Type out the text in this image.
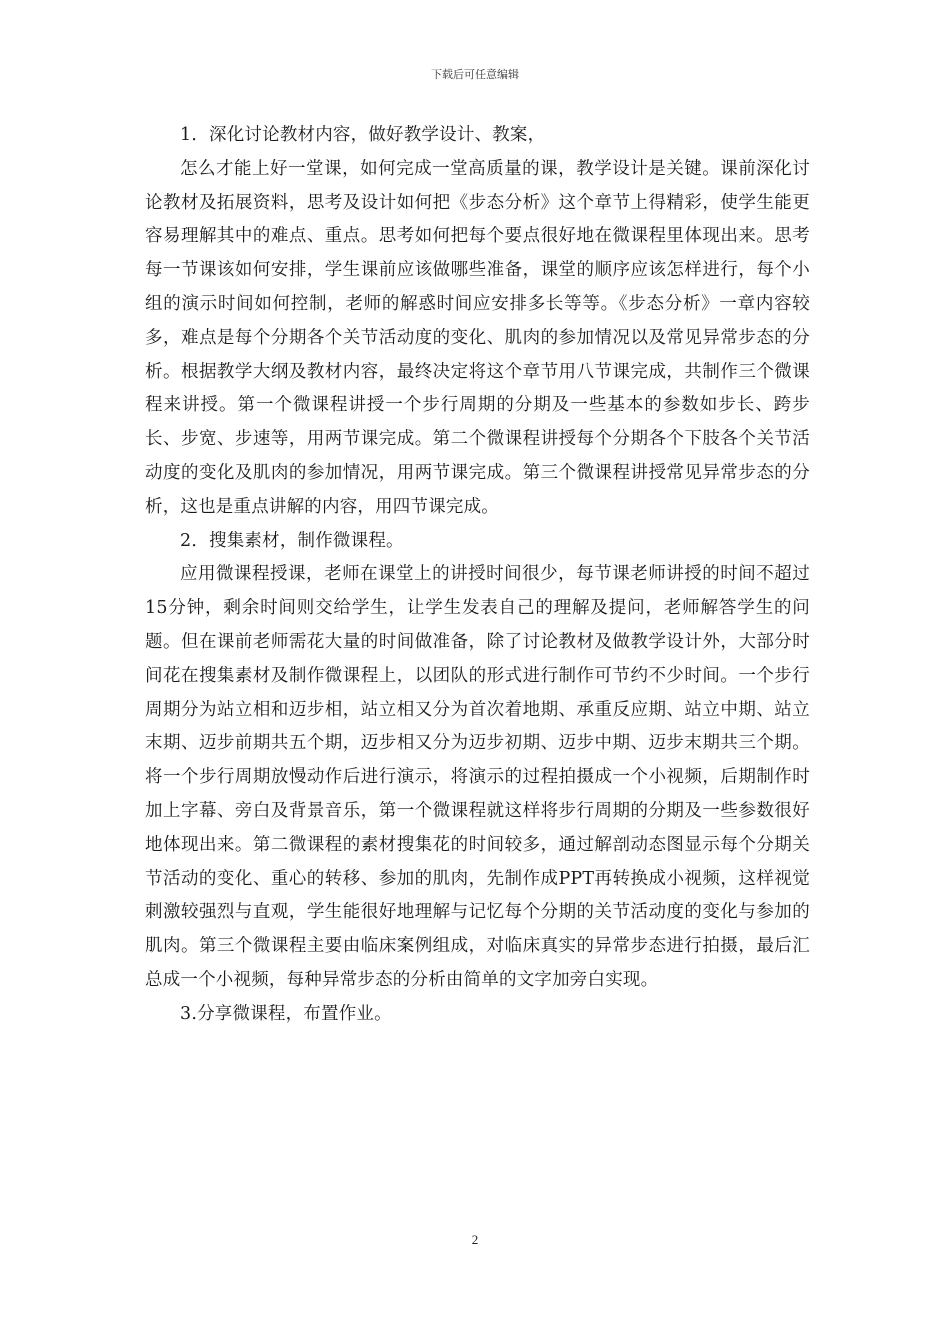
下载后可任意编辑

1．深化讨论教材内容，做好教学设计、教案，

怎么才能上好一堂课，如何完成一堂高质量的课，教学设计是关键。课前深化讨论教材及拓展资料，思考及设计如何把《步态分析》这个章节上得精彩，使学生能更容易理解其中的难点、重点。思考如何把每个要点很好地在微课程里体现出来。思考每一节课该如何安排，学生课前应该做哪些准备，课堂的顺序应该怎样进行，每个小组的演示时间如何控制，老师的解惑时间应安排多长等等。《步态分析》一章内容较多，难点是每个分期各个关节活动度的变化、肌肉的参加情况以及常见异常步态的分析。根据教学大纲及教材内容，最终决定将这个章节用八节课完成，共制作三个微课程来讲授。第一个微课程讲授一个步行周期的分期及一些基本的参数如步长、跨步长、步宽、步速等，用两节课完成。第二个微课程讲授每个分期各个下肢各个关节活动度的变化及肌肉的参加情况，用两节课完成。第三个微课程讲授常见异常步态的分析，这也是重点讲解的内容，用四节课完成。

2．搜集素材，制作微课程。

应用微课程授课，老师在课堂上的讲授时间很少，每节课老师讲授的时间不超过15分钟，剩余时间则交给学生，让学生发表自己的理解及提问，老师解答学生的问题。但在课前老师需花大量的时间做准备，除了讨论教材及做教学设计外，大部分时间花在搜集素材及制作微课程上，以团队的形式进行制作可节约不少时间。一个步行周期分为站立相和迈步相，站立相又分为首次着地期、承重反应期、站立中期、站立末期、迈步前期共五个期，迈步相又分为迈步初期、迈步中期、迈步末期共三个期。将一个步行周期放慢动作后进行演示，将演示的过程拍摄成一个小视频，后期制作时加上字幕、旁白及背景音乐，第一个微课程就这样将步行周期的分期及一些参数很好地体现出来。第二微课程的素材搜集花的时间较多，通过解剖动态图显示每个分期关节活动的变化、重心的转移、参加的肌肉，先制作成PPT再转换成小视频，这样视觉刺激较强烈与直观，学生能很好地理解与记忆每个分期的关节活动度的变化与参加的肌肉。第三个微课程主要由临床案例组成，对临床真实的异常步态进行拍摄，最后汇总成一个小视频，每种异常步态的分析由简单的文字加旁白实现。

3.分享微课程，布置作业。

2
